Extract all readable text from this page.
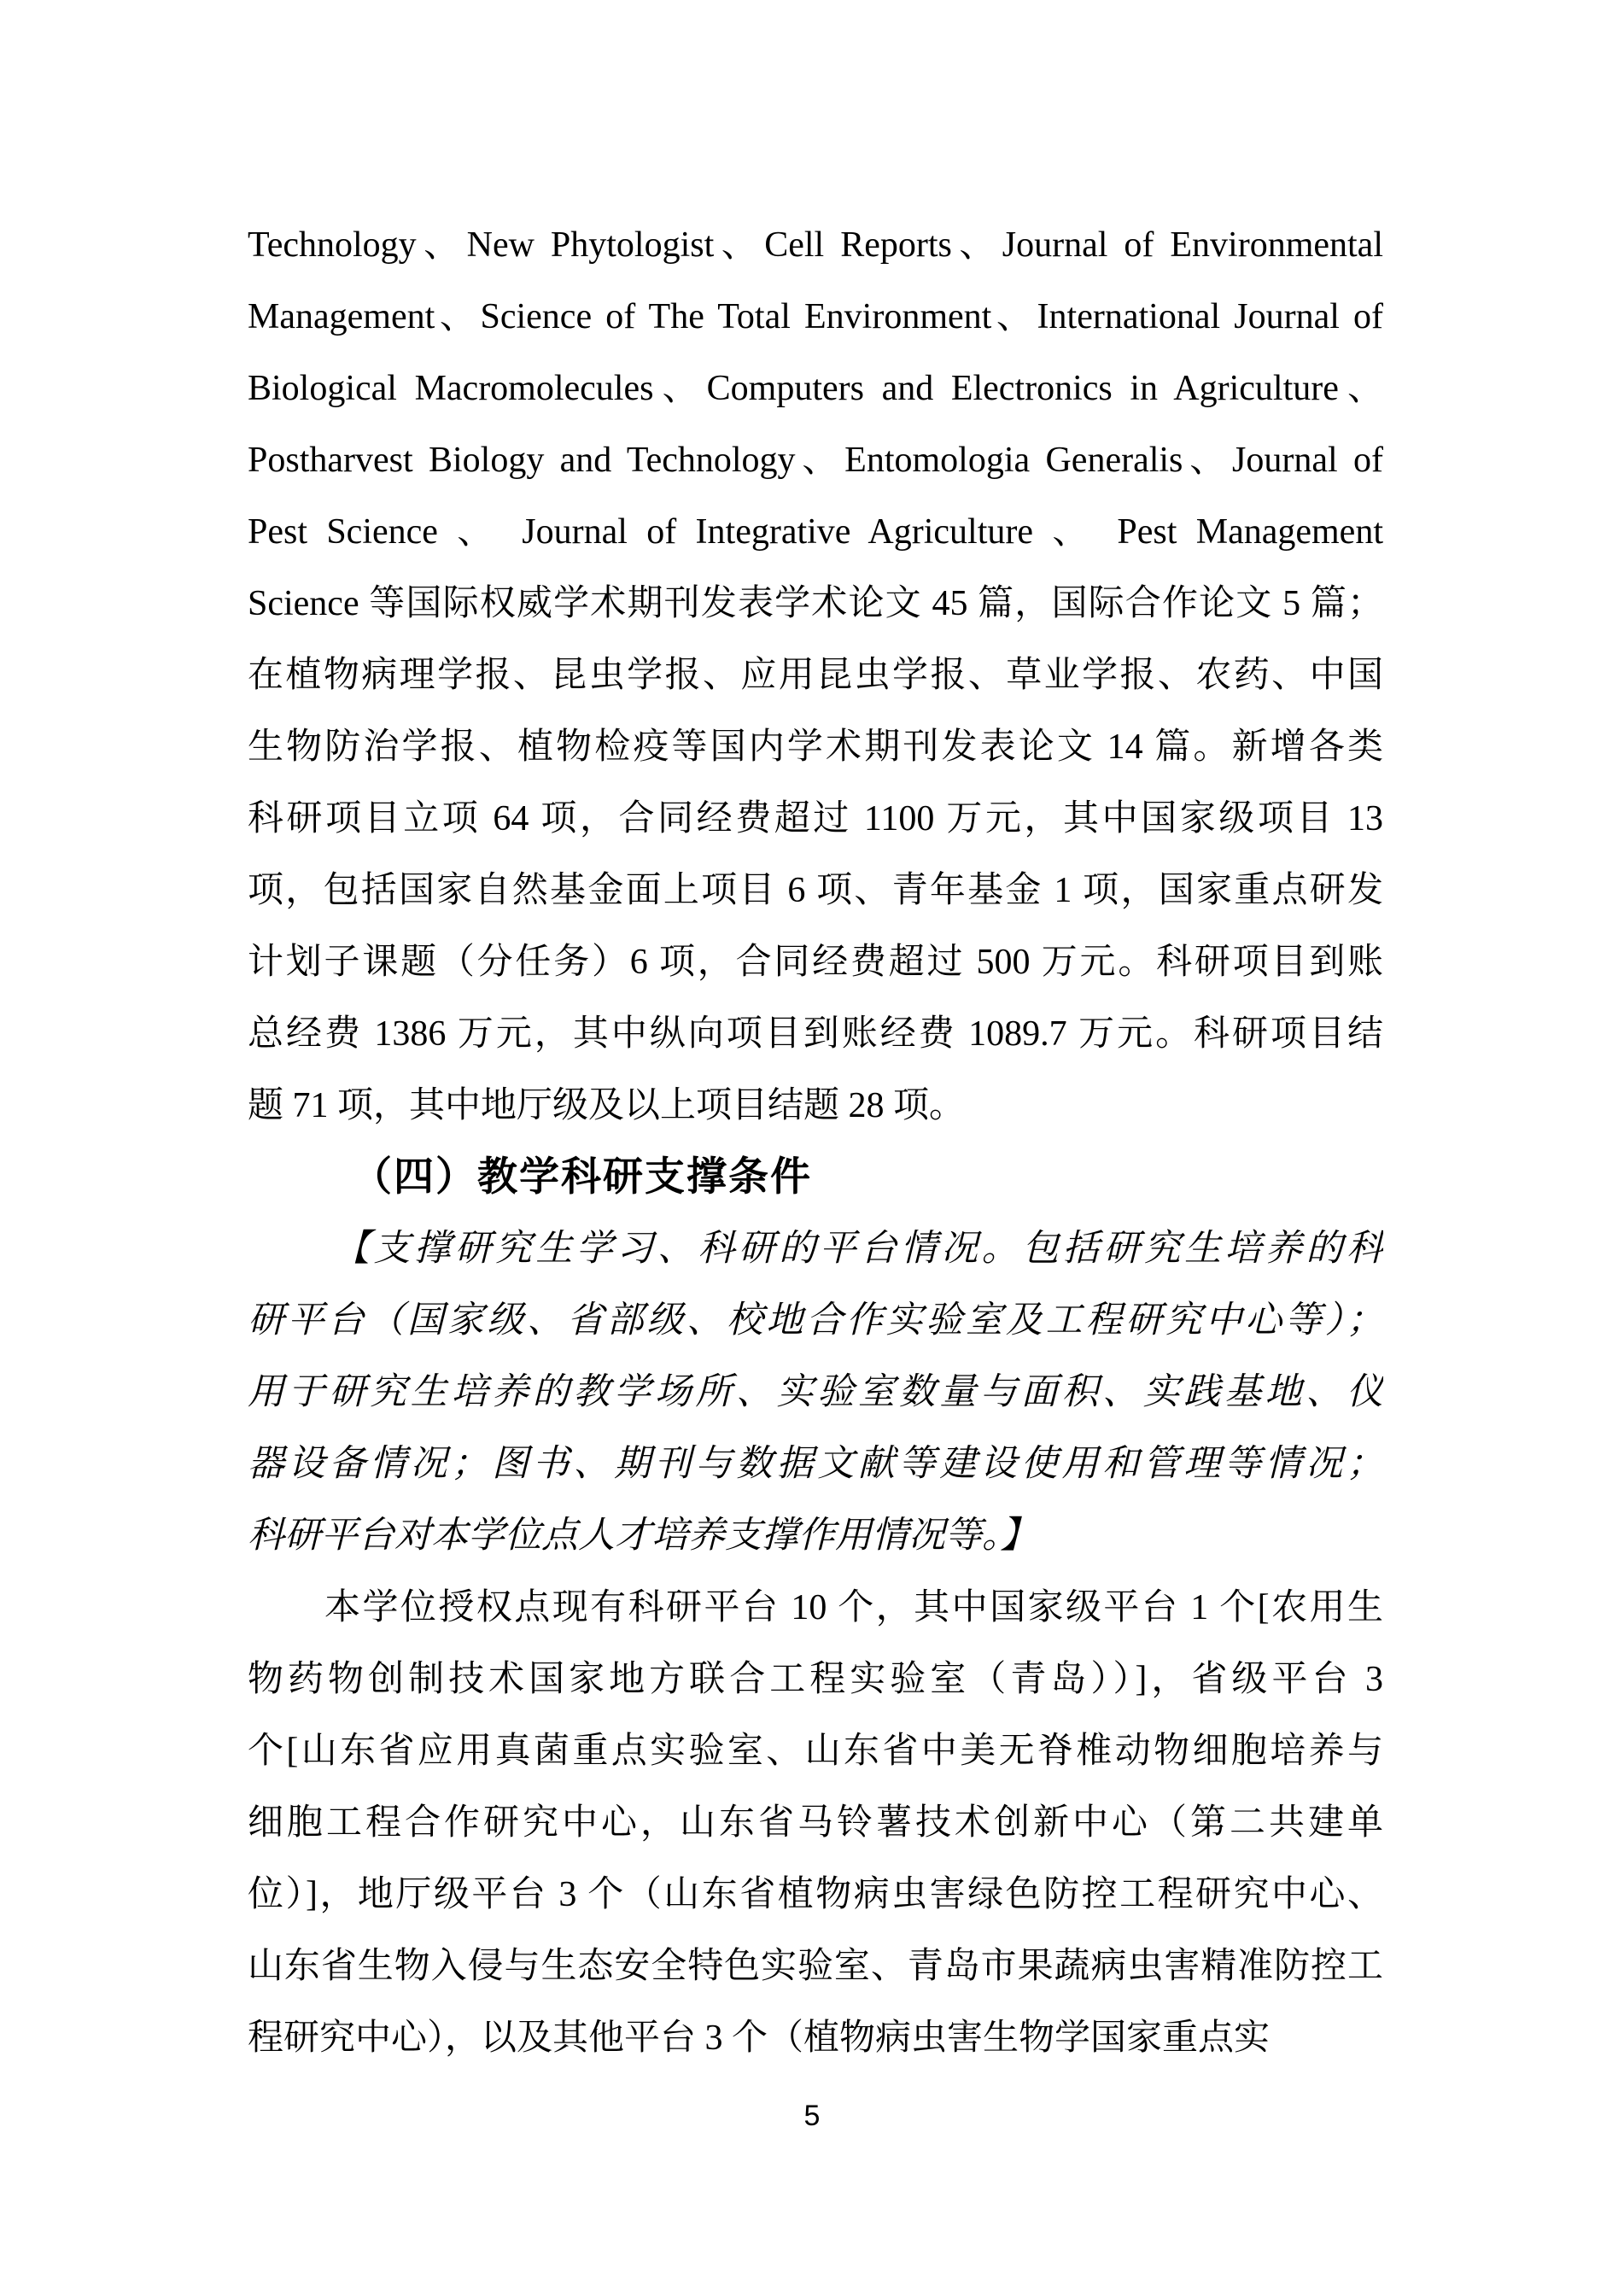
Technology、New Phytologist、Cell Reports、Journal of Environmental
Management、Science of The Total Environment、International Journal of
Biological Macromolecules、Computers and Electronics in Agriculture、
Postharvest Biology and Technology、Entomologia Generalis、Journal of
Pest Science 、 Journal of Integrative Agriculture 、 Pest Management
Science 等国际权威学术期刊发表学术论文 45 篇，国际合作论文 5 篇；
在植物病理学报、昆虫学报、应用昆虫学报、草业学报、农药、中国
生物防治学报、植物检疫等国内学术期刊发表论文 14 篇。新增各类
科研项目立项 64 项，合同经费超过 1100 万元，其中国家级项目 13
项，包括国家自然基金面上项目 6 项、青年基金 1 项，国家重点研发
计划子课题（分任务）6 项，合同经费超过 500 万元。科研项目到账
总经费 1386 万元，其中纵向项目到账经费 1089.7 万元。科研项目结
题 71 项，其中地厅级及以上项目结题 28 项。
（四）教学科研支撑条件
【支撑研究生学习、科研的平台情况。包括研究生培养的科
研平台（国家级、省部级、校地合作实验室及工程研究中心等）；
用于研究生培养的教学场所、实验室数量与面积、实践基地、仪
器设备情况；图书、期刊与数据文献等建设使用和管理等情况；
科研平台对本学位点人才培养支撑作用情况等。】
本学位授权点现有科研平台 10 个，其中国家级平台 1 个[农用生
物药物创制技术国家地方联合工程实验室（青岛））]，省级平台 3
个[山东省应用真菌重点实验室、山东省中美无脊椎动物细胞培养与
细胞工程合作研究中心，山东省马铃薯技术创新中心（第二共建单
位）]，地厅级平台 3 个（山东省植物病虫害绿色防控工程研究中心、
山东省生物入侵与生态安全特色实验室、青岛市果蔬病虫害精准防控工
程研究中心），以及其他平台 3 个（植物病虫害生物学国家重点实
5
